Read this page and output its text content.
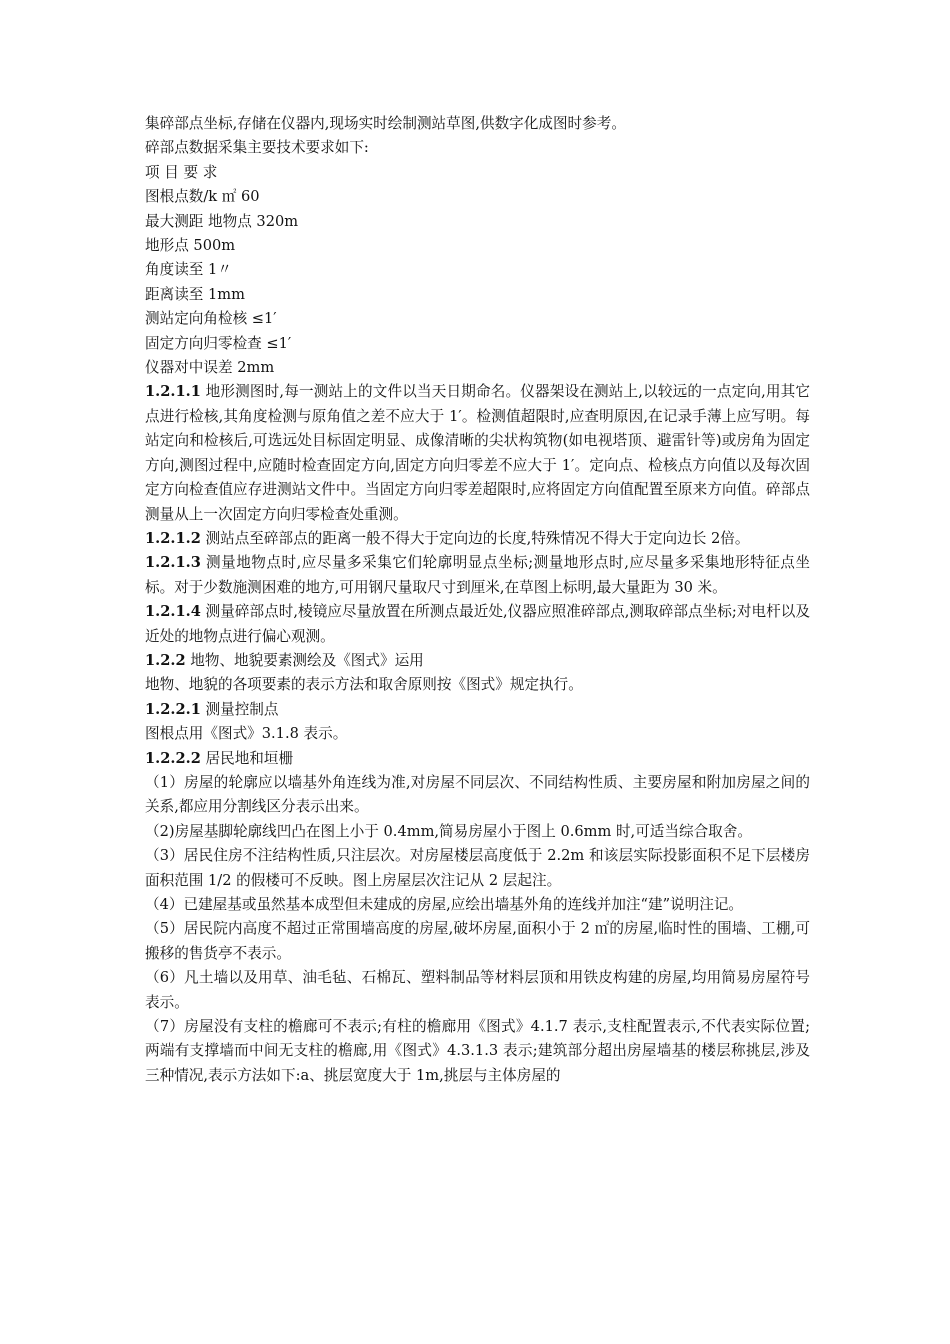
集碎部点坐标,存储在仪器内,现场实时绘制测站草图,供数字化成图时参考。
碎部点数据采集主要技术要求如下:
项 目 要 求
图根点数/k ㎡ 60
最大测距 地物点 320m
地形点 500m
角度读至 1〃
距离读至 1mm
测站定向角检核 ≤1′
固定方向归零检查 ≤1′
仪器对中误差 2mm

1.2.1.1 地形测图时,每一测站上的文件以当天日期命名。仪器架设在测站上,以较远的一点定向,用其它点进行检核,其角度检测与原角值之差不应大于 1′。检测值超限时,应查明原因,在记录手薄上应写明。每站定向和检核后,可选远处目标固定明显、成像清晰的尖状构筑物(如电视塔顶、避雷针等)或房角为固定方向,测图过程中,应随时检查固定方向,固定方向归零差不应大于 1′。定向点、检核点方向值以及每次固定方向检查值应存进测站文件中。当固定方向归零差超限时,应将固定方向值配置至原来方向值。碎部点测量从上一次固定方向归零检查处重测。

1.2.1.2 测站点至碎部点的距离一般不得大于定向边的长度,特殊情况不得大于定向边长 2倍。

1.2.1.3 测量地物点时,应尽量多采集它们轮廓明显点坐标;测量地形点时,应尽量多采集地形特征点坐标。对于少数施测困难的地方,可用钢尺量取尺寸到厘米,在草图上标明,最大量距为 30 米。

1.2.1.4 测量碎部点时,棱镜应尽量放置在所测点最近处,仪器应照准碎部点,测取碎部点坐标;对电杆以及近处的地物点进行偏心观测。

1.2.2 地物、地貌要素测绘及《图式》运用

地物、地貌的各项要素的表示方法和取舍原则按《图式》规定执行。

1.2.2.1 测量控制点

图根点用《图式》3.1.8 表示。

1.2.2.2 居民地和垣栅

（1）房屋的轮廓应以墙基外角连线为准,对房屋不同层次、不同结构性质、主要房屋和附加房屋之间的关系,都应用分割线区分表示出来。

（2)房屋基脚轮廓线凹凸在图上小于 0.4mm,简易房屋小于图上 0.6mm 时,可适当综合取舍。

（3）居民住房不注结构性质,只注层次。对房屋楼层高度低于 2.2m 和该层实际投影面积不足下层楼房面积范围 1/2 的假楼可不反映。图上房屋层次注记从 2 层起注。

（4）已建屋基或虽然基本成型但未建成的房屋,应绘出墙基外角的连线并加注“建”说明注记。

（5）居民院内高度不超过正常围墙高度的房屋,破坏房屋,面积小于 2 ㎡的房屋,临时性的围墙、工棚,可搬移的售货亭不表示。

（6）凡土墙以及用草、油毛毡、石棉瓦、塑料制品等材料层顶和用铁皮构建的房屋,均用简易房屋符号表示。

（7）房屋没有支柱的檐廊可不表示;有柱的檐廊用《图式》4.1.7 表示,支柱配置表示,不代表实际位置;两端有支撑墙而中间无支柱的檐廊,用《图式》4.3.1.3 表示;建筑部分超出房屋墙基的楼层称挑层,涉及三种情况,表示方法如下:a、挑层宽度大于 1m,挑层与主体房屋的
